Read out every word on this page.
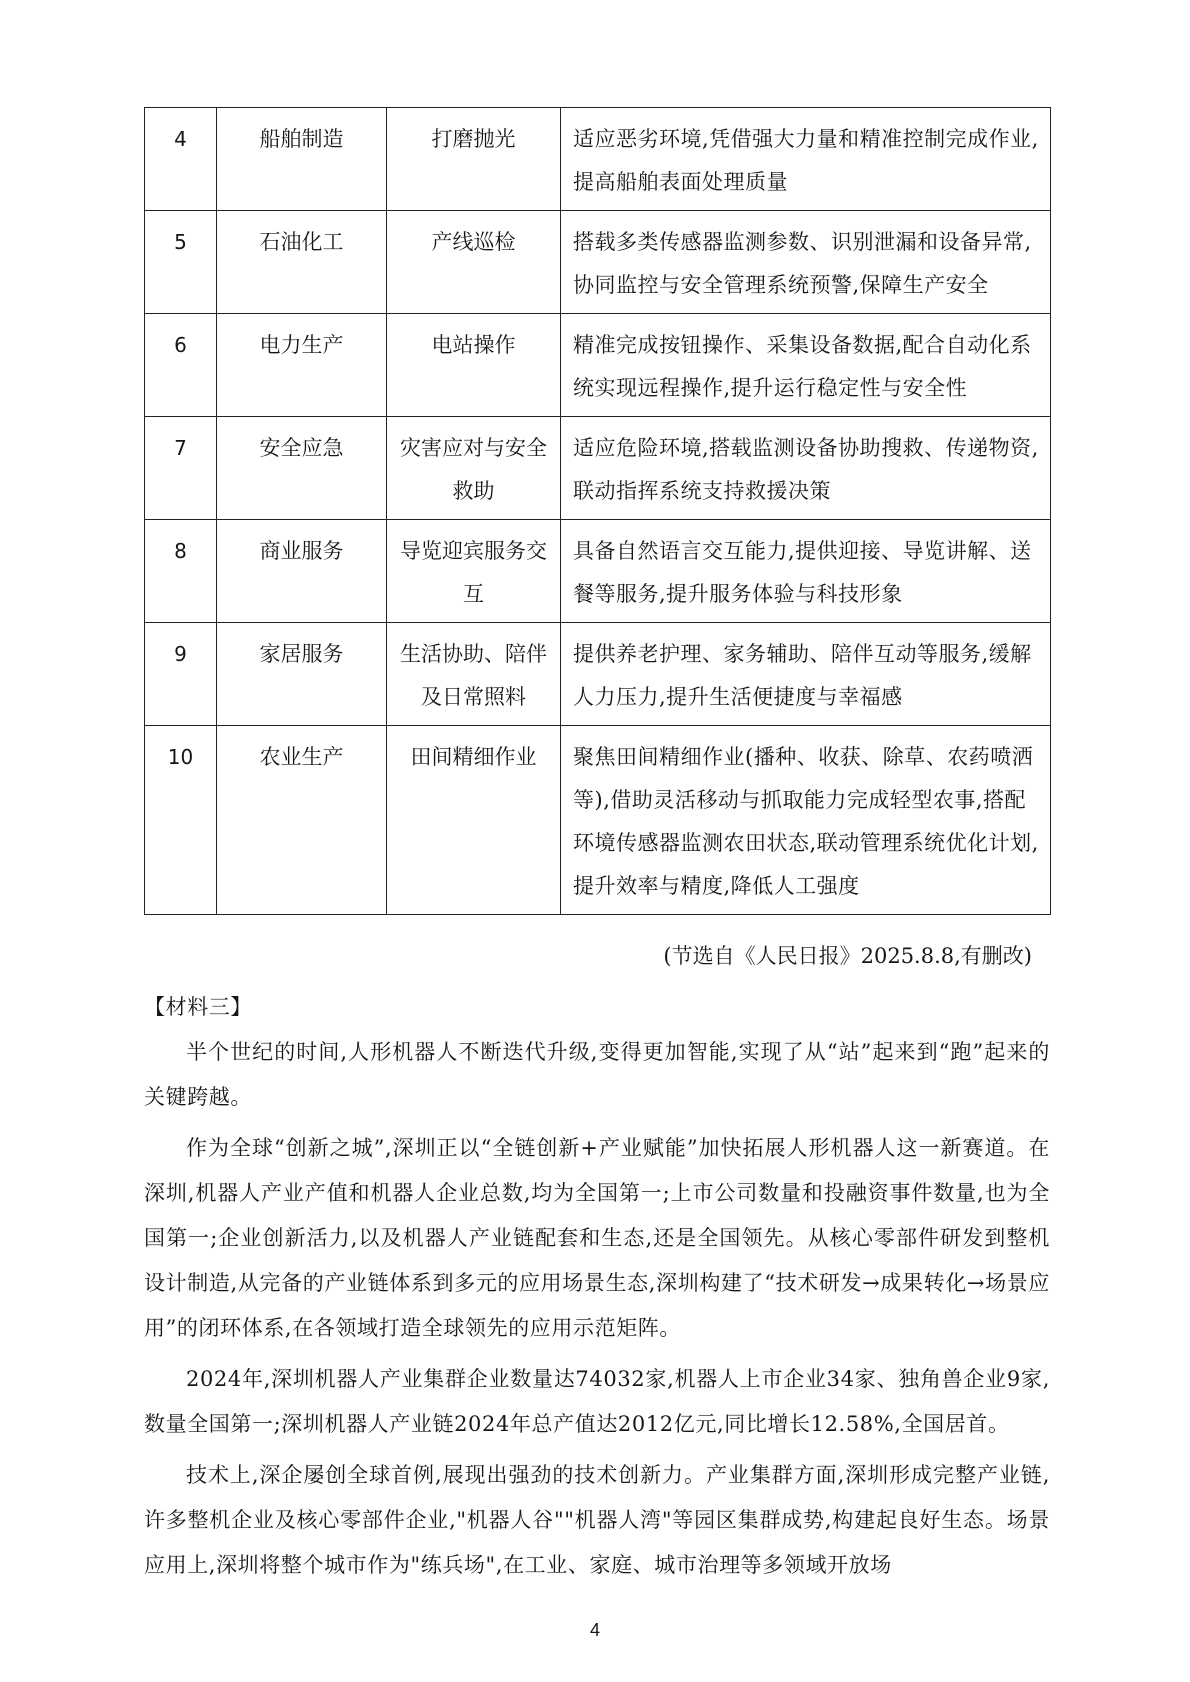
4	船舶制造	打磨抛光	适应恶劣环境,凭借强大力量和精准控制完成作业,提高船舶表面处理质量
5	石油化工	产线巡检	搭载多类传感器监测参数、识别泄漏和设备异常,协同监控与安全管理系统预警,保障生产安全
6	电力生产	电站操作	精准完成按钮操作、采集设备数据,配合自动化系统实现远程操作,提升运行稳定性与安全性
7	安全应急	灾害应对与安全救助	适应危险环境,搭载监测设备协助搜救、传递物资,联动指挥系统支持救援决策
8	商业服务	导览迎宾服务交互	具备自然语言交互能力,提供迎接、导览讲解、送餐等服务,提升服务体验与科技形象
9	家居服务	生活协助、陪伴及日常照料	提供养老护理、家务辅助、陪伴互动等服务,缓解人力压力,提升生活便捷度与幸福感
10	农业生产	田间精细作业	聚焦田间精细作业(播种、收获、除草、农药喷洒等),借助灵活移动与抓取能力完成轻型农事,搭配环境传感器监测农田状态,联动管理系统优化计划,提升效率与精度,降低人工强度
(节选自《人民日报》2025.8.8,有删改)
【材料三】

半个世纪的时间,人形机器人不断迭代升级,变得更加智能,实现了从“站”起来到“跑”起来的关键跨越。

作为全球“创新之城”,深圳正以“全链创新+产业赋能”加快拓展人形机器人这一新赛道。在深圳,机器人产业产值和机器人企业总数,均为全国第一;上市公司数量和投融资事件数量,也为全国第一;企业创新活力,以及机器人产业链配套和生态,还是全国领先。从核心零部件研发到整机设计制造,从完备的产业链体系到多元的应用场景生态,深圳构建了“技术研发→成果转化→场景应用”的闭环体系,在各领域打造全球领先的应用示范矩阵。

2024年,深圳机器人产业集群企业数量达74032家,机器人上市企业34家、独角兽企业9家,数量全国第一;深圳机器人产业链2024年总产值达2012亿元,同比增长12.58%,全国居首。

技术上,深企屡创全球首例,展现出强劲的技术创新力。产业集群方面,深圳形成完整产业链,许多整机企业及核心零部件企业,"机器人谷""机器人湾"等园区集群成势,构建起良好生态。场景应用上,深圳将整个城市作为"练兵场",在工业、家庭、城市治理等多领域开放场

4
